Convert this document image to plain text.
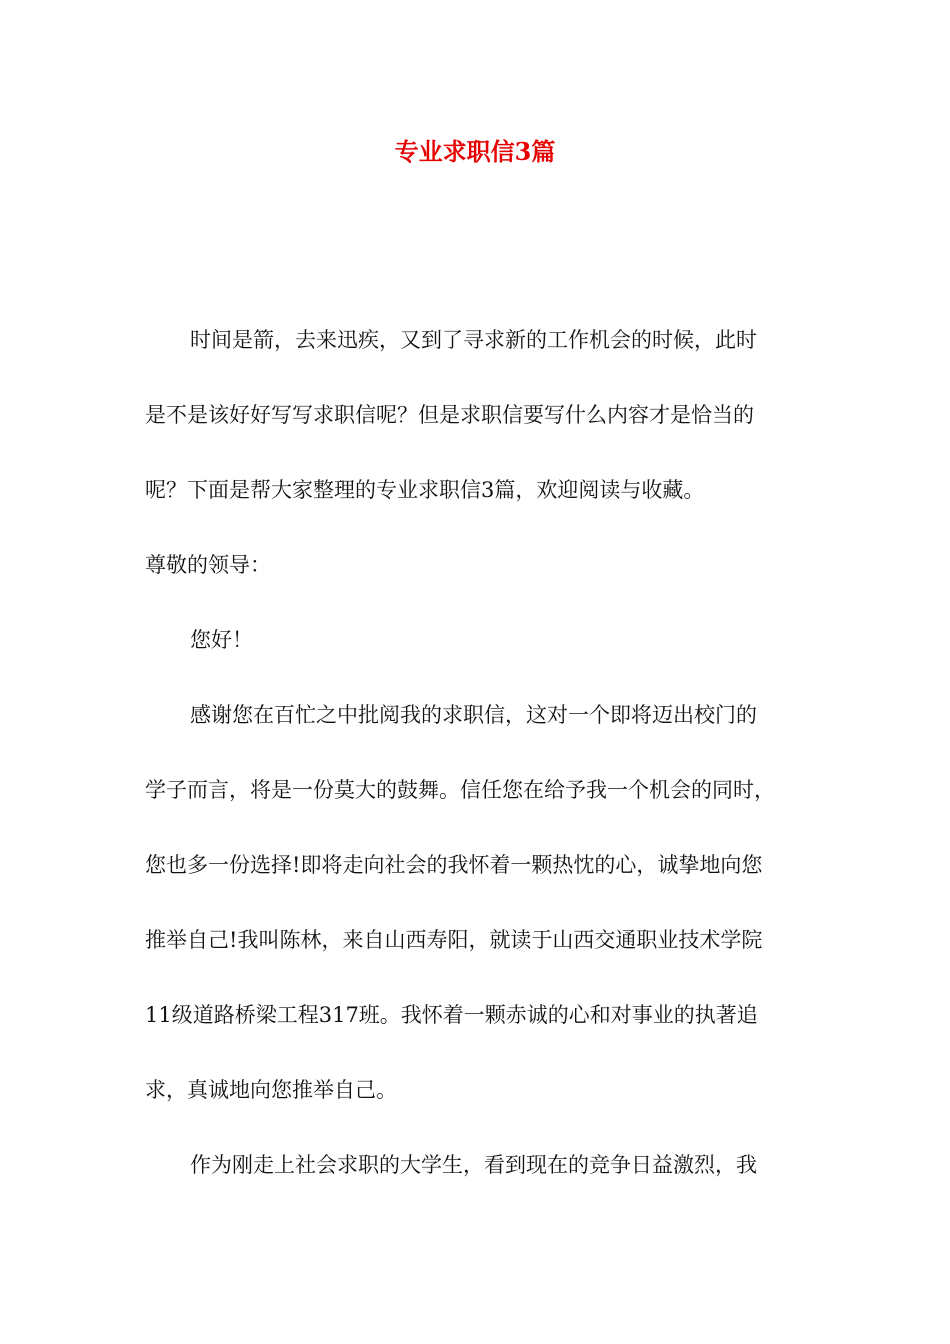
专业求职信3篇

时间是箭，去来迅疾，又到了寻求新的工作机会的时候，此时

是不是该好好写写求职信呢？但是求职信要写什么内容才是恰当的

呢？下面是帮大家整理的专业求职信3篇，欢迎阅读与收藏。

尊敬的领导：

您好！

感谢您在百忙之中批阅我的求职信，这对一个即将迈出校门的

学子而言，将是一份莫大的鼓舞。信任您在给予我一个机会的同时，

您也多一份选择!即将走向社会的我怀着一颗热忱的心，诚挚地向您

推举自己!我叫陈林，来自山西寿阳，就读于山西交通职业技术学院

11级道路桥梁工程317班。我怀着一颗赤诚的心和对事业的执著追

求，真诚地向您推举自己。

作为刚走上社会求职的大学生，看到现在的竞争日益激烈，我
